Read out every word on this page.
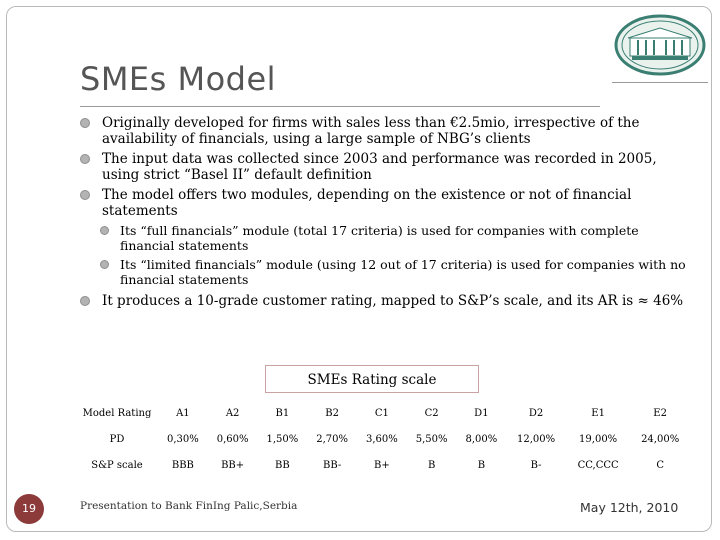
SMEs Model
Originally developed for firms with sales less than €2.5mio, irrespective of the availability of financials, using a large sample of NBG’s clients
The input data was collected since 2003 and performance was recorded in 2005, using strict “Basel II” default definition
The model offers two modules, depending on the existence or not of financial statements
Its “full financials” module (total 17 criteria) is used for companies with complete financial statements
Its “limited financials” module (using 12 out of 17 criteria) is used for companies with no financial statements
It produces a 10-grade customer rating, mapped to S&P’s scale, and its AR is ≈ 46%
SMEs Rating scale
Model Rating	A1	A2	B1	B2	C1	C2	D1	D2	E1	E2
PD	0,30%	0,60%	1,50%	2,70%	3,60%	5,50%	8,00%	12,00%	19,00%	24,00%
S&P scale	BBB	BB+	BB	BB-	B+	B	B	B-	CC,CCC	C
19	Presentation to Bank FinIng Palic,Serbia	May 12th, 2010
